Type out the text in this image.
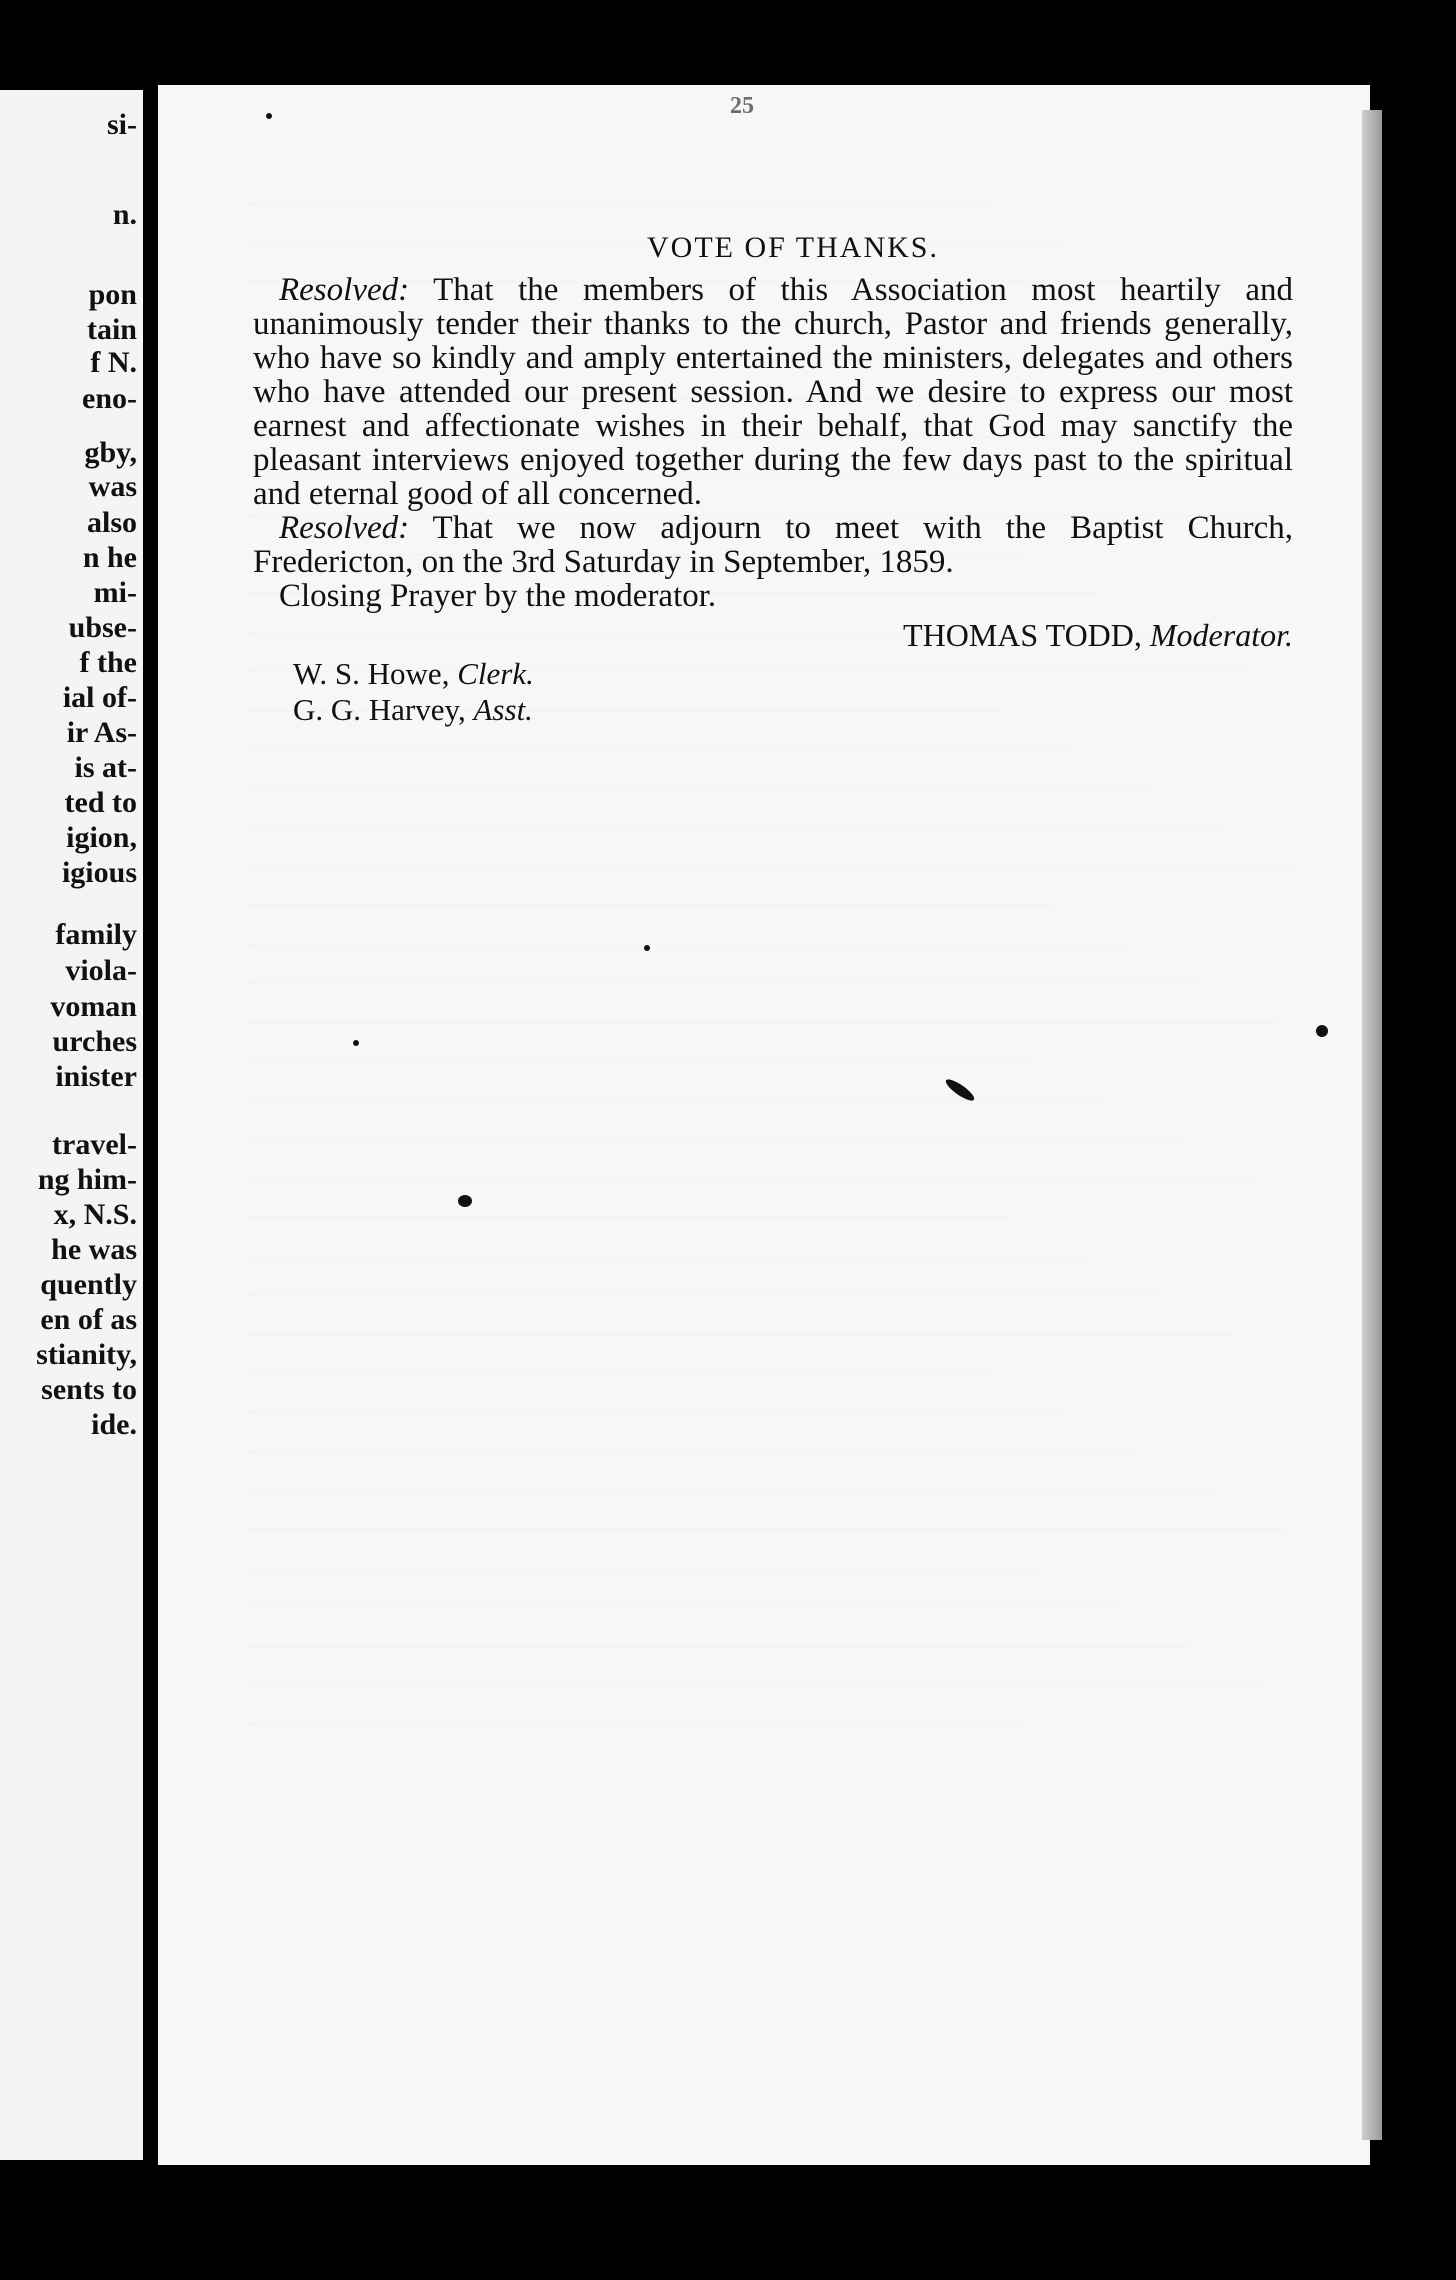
si-
n.
pon
tain
f N.
eno-
gby,
was
also
n he
mi-
ubse-
f the
ial of-
ir As-
is at-
ted to
igion,
igious
family
viola-
voman
urches
inister
travel-
ng him-
x, N.S.
he was
quently
en of as
stianity,
sents to
ide.
25
VOTE OF THANKS.

Resolved: That the members of this Association most heartily and unanimously tender their thanks to the church, Pastor and friends generally, who have so kindly and amply entertained the ministers, delegates and others who have attended our present session. And we desire to express our most earnest and affectionate wishes in their behalf, that God may sanctify the pleasant interviews enjoyed together during the few days past to the spiritual and eternal good of all concerned.

Resolved: That we now adjourn to meet with the Baptist Church, Fredericton, on the 3rd Saturday in September, 1859.

Closing Prayer by the moderator.

THOMAS TODD, Moderator.
W. S. Howe, Clerk.
G. G. Harvey, Asst.
